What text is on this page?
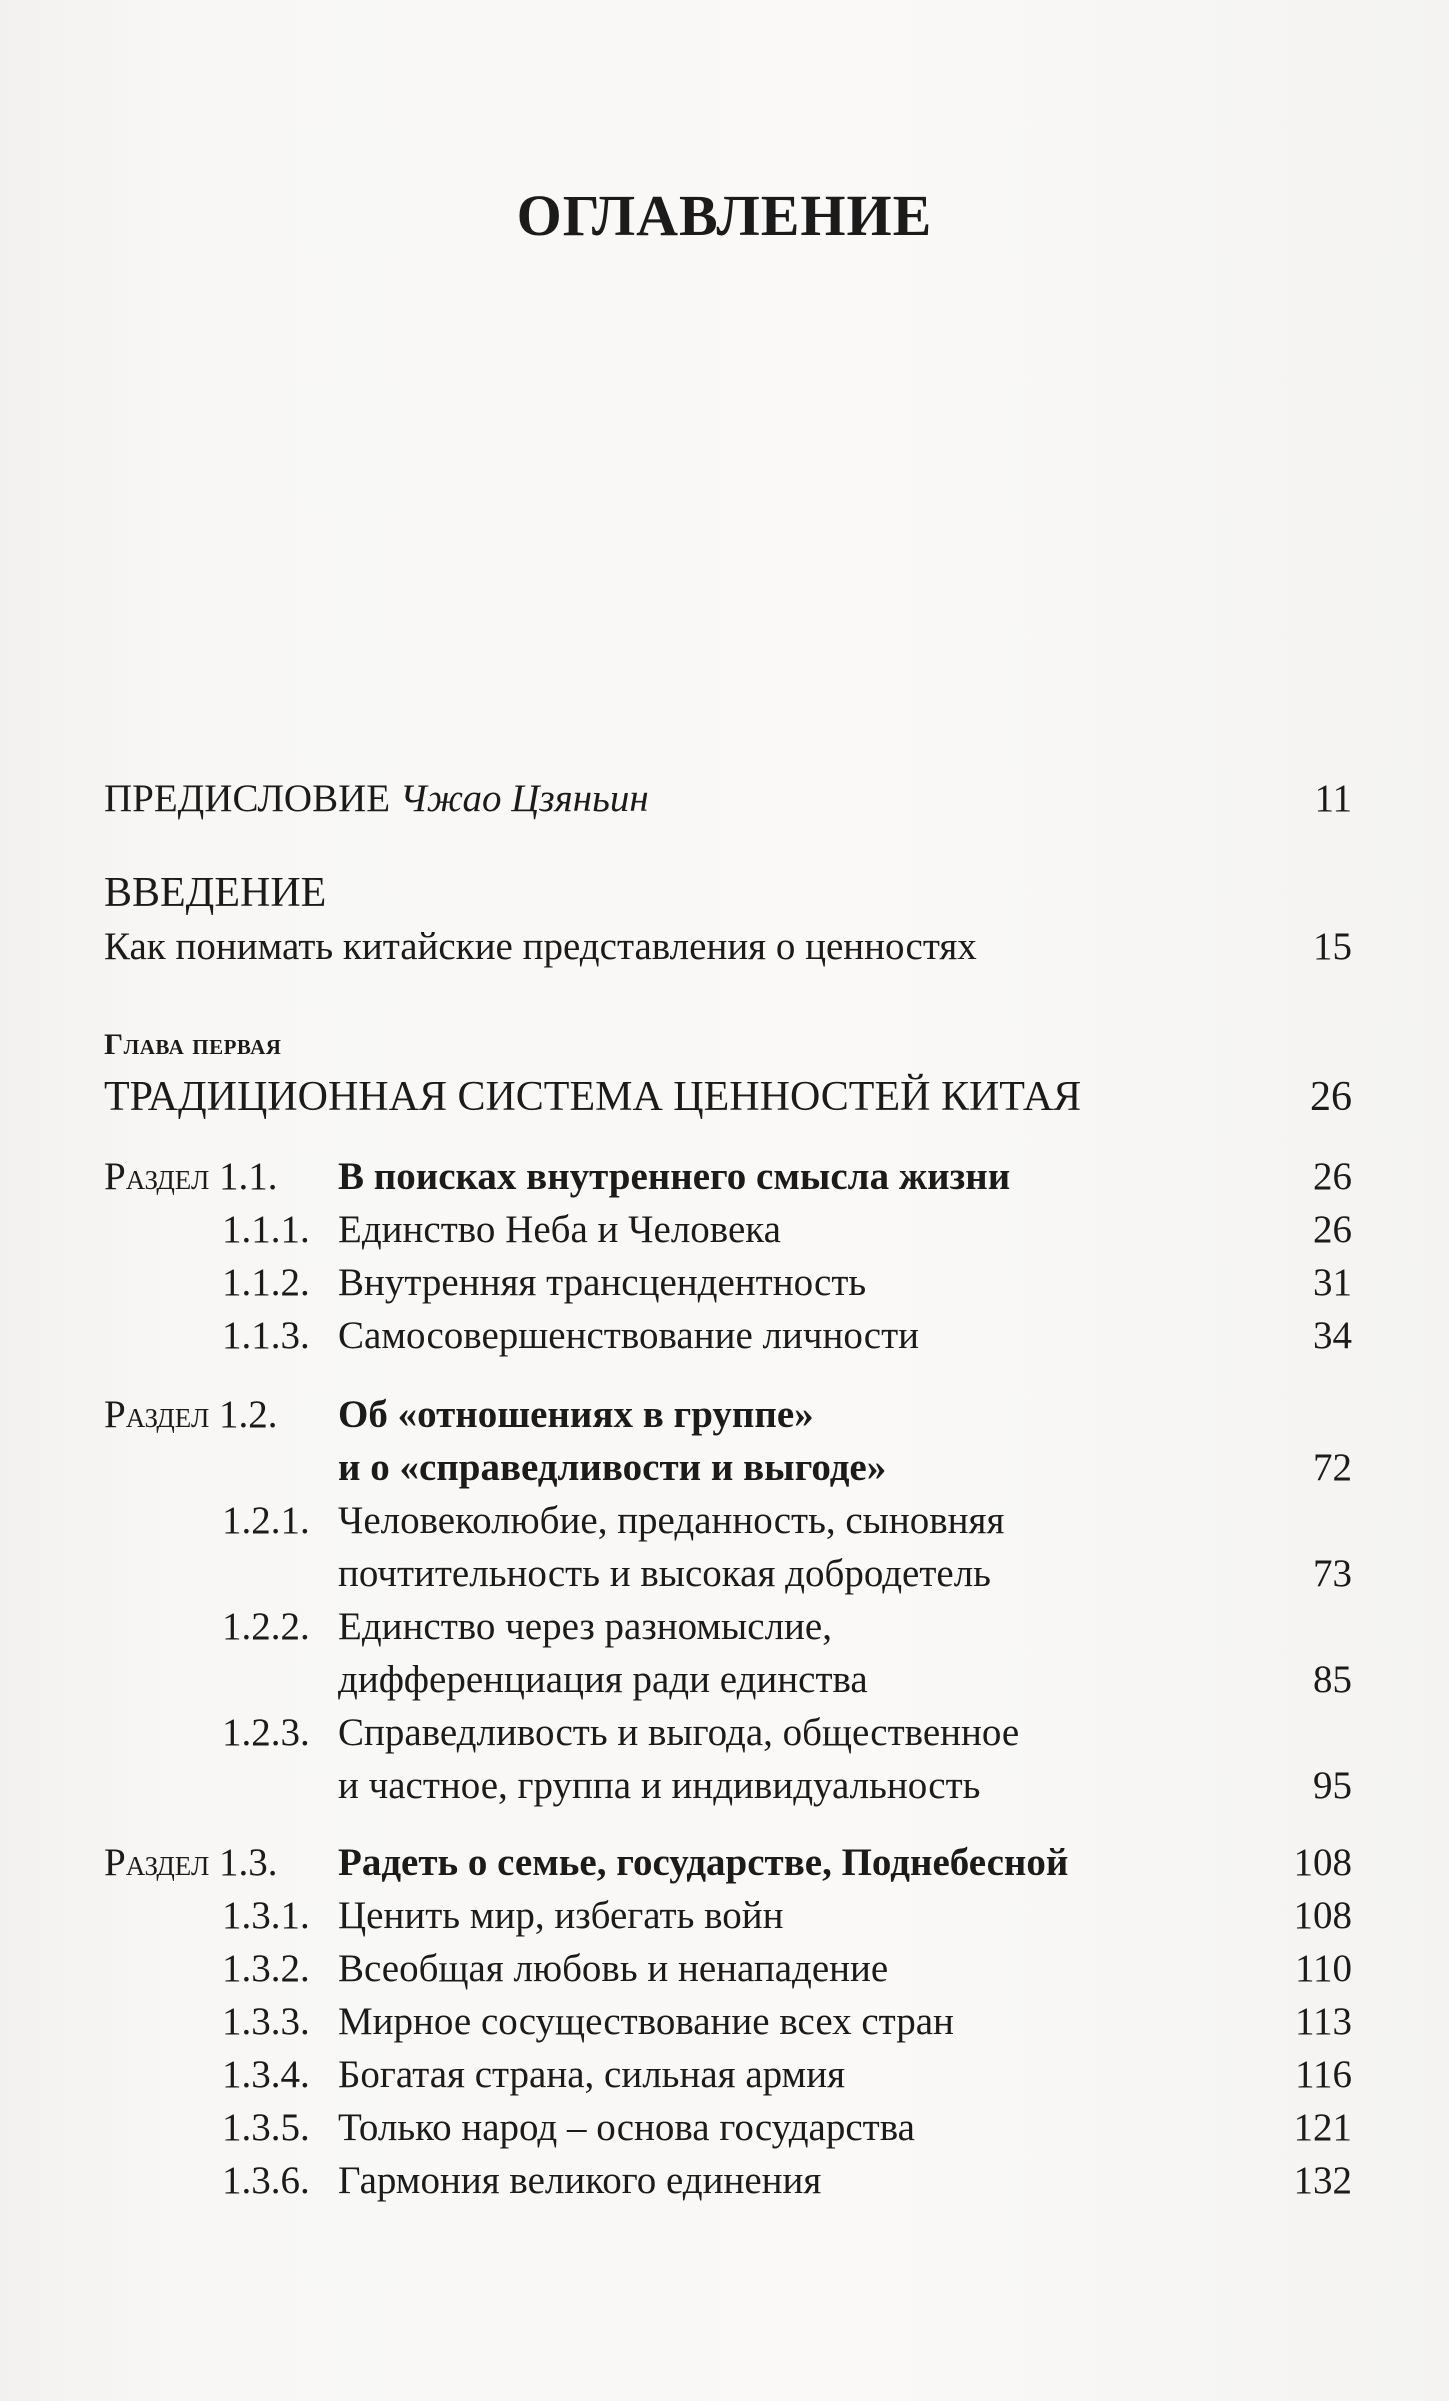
ОГЛАВЛЕНИЕ
ПРЕДИСЛОВИЕ Чжао Цзяньин	11
ВВЕДЕНИЕ
Как понимать китайские представления о ценностях	15
Глава первая
ТРАДИЦИОННАЯ СИСТЕМА ЦЕННОСТЕЙ КИТАЯ	26
Раздел 1.1. В поисках внутреннего смысла жизни	26
1.1.1. Единство Неба и Человека	26
1.1.2. Внутренняя трансцендентность	31
1.1.3. Самосовершенствование личности	34
Раздел 1.2. Об «отношениях в группе»
и о «справедливости и выгоде»	72
1.2.1. Человеколюбие, преданность, сыновняя
почтительность и высокая добродетель	73
1.2.2. Единство через разномыслие,
дифференциация ради единства	85
1.2.3. Справедливость и выгода, общественное
и частное, группа и индивидуальность	95
Раздел 1.3. Радеть о семье, государстве, Поднебесной	108
1.3.1. Ценить мир, избегать войн	108
1.3.2. Всеобщая любовь и ненападение	110
1.3.3. Мирное сосуществование всех стран	113
1.3.4. Богатая страна, сильная армия	116
1.3.5. Только народ – основа государства	121
1.3.6. Гармония великого единения	132
